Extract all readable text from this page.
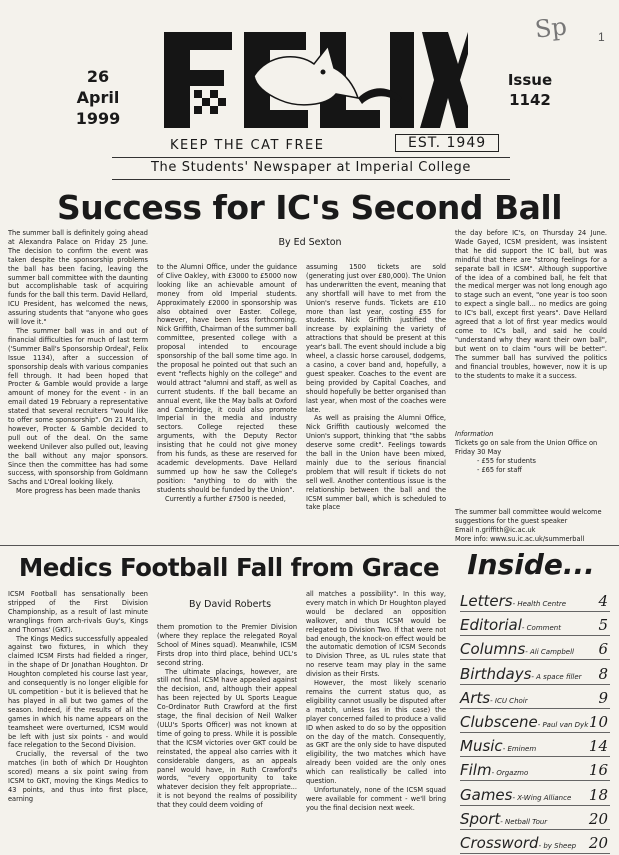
Sp 1
26
April
1999
Issue
1142
KEEP THE CAT FREE	EST. 1949
The Students' Newspaper at Imperial College
Success for IC's Second Ball
By Ed Sexton

The summer ball is definitely going ahead at Alexandra Palace on Friday 25 June. The decision to confirm the event was taken despite the sponsorship problems the ball has been facing, leaving the summer ball committee with the daunting but accomplishable task of acquiring funds for the ball this term. David Hellard, ICU President, has welcomed the news, assuring students that "anyone who goes will love it."

The summer ball was in and out of financial difficulties for much of last term ('Summer Ball's Sponsorship Ordeal', Felix Issue 1134), after a succession of sponsorship deals with various companies fell through. It had been hoped that Procter & Gamble would provide a large amount of money for the event - in an email dated 19 February a representative stated that several recruiters "would like to offer some sponsorship". On 21 March, however, Procter & Gamble decided to pull out of the deal. On the same weekend Unilever also pulled out, leaving the ball without any major sponsors. Since then the committee has had some success, with sponsorship from Goldmann Sachs and L'Oreal looking likely.

More progress has been made thanks

to the Alumni Office, under the guidance of Clive Oakley, with £3000 to £5000 now looking like an achievable amount of money from old Imperial students. Approximately £2000 in sponsorship was also obtained over Easter. College, however, have been less forthcoming. Nick Griffith, Chairman of the summer ball committee, presented college with a proposal intended to encourage sponsorship of the ball some time ago. In the proposal he pointed out that such an event "reflects highly on the college" and would attract "alumni and staff, as well as current students. If the ball became an annual event, like the May balls at Oxford and Cambridge, it could also promote Imperial in the media and industry sectors. College rejected these arguments, with the Deputy Rector insisting that he could not give money from his funds, as these are reserved for academic developments. Dave Hellard summed up how he saw the College's position: "anything to do with the students should be funded by the Union".

Currently a further £7500 is needed,

assuming 1500 tickets are sold (generating just over £80,000). The Union has underwritten the event, meaning that any shortfall will have to met from the Union's reserve funds. Tickets are £10 more than last year, costing £55 for students. Nick Griffith justified the increase by explaining the variety of attractions that should be present at this year's ball. The event should include a big wheel, a classic horse carousel, dodgems, a casino, a cover band and, hopefully, a guest speaker. Coaches to the event are being provided by Capital Coaches, and should hopefully be better organised than last year, when most of the coaches were late.

As well as praising the Alumni Office, Nick Griffith cautiously welcomed the Union's support, thinking that "the sabbs deserve some credit". Feelings towards the ball in the Union have been mixed, mainly due to the serious financial problem that will result if tickets do not sell well. Another contentious issue is the relationship between the ball and the ICSM summer ball, which is scheduled to take place

the day before IC's, on Thursday 24 June. Wade Gayed, ICSM president, was insistent that he did support the IC ball, but was mindful that there are "strong feelings for a separate ball in ICSM". Although supportive of the idea of a combined ball, he felt that the medical merger was not long enough ago to stage such an event, "one year is too soon to expect a single ball... no medics are going to IC's ball, except first years". Dave Hellard agreed that a lot of first year medics would come to IC's ball, and said he could "understand why they want their own ball", but went on to claim "ours will be better". The summer ball has survived the politics and financial troubles, however, now it is up to the students to make it a success.

Information
Tickets go on sale from the Union Office on Friday 30 May
- £55 for students
- £65 for staff
The summer ball committee would welcome suggestions for the guest speaker
Email n.griffith@ic.ac.uk
More info: www.su.ic.ac.uk/summerball
Medics Football Fall from Grace
By David Roberts

ICSM Football has sensationally been stripped of the First Division Championship, as a result of last minute wranglings from arch-rivals Guy's, Kings and Thomas' (GKT).

The Kings Medics successfully appealed against two fixtures, in which they claimed ICSM Firsts had fielded a ringer, in the shape of Dr Jonathan Houghton. Dr Houghton completed his course last year, and consequently is no longer eligible for UL competition - but it is believed that he has played in all but two games of the season. Indeed, if the results of all the games in which his name appears on the teamsheet were overturned, ICSM would be left with just six points - and would face relegation to the Second Division.

Crucially, the reversal of the two matches (in both of which Dr Houghton scored) means a six point swing from ICSM to GKT, moving the Kings Medics to 43 points, and thus into first place, earning

them promotion to the Premier Division (where they replace the relegated Royal School of Mines squad). Meanwhile, ICSM Firsts drop into third place, behind UCL's second string.

The ultimate placings, however, are still not final. ICSM have appealed against the decision, and, although their appeal has been rejected by UL Sports League Co-Ordinator Ruth Crawford at the first stage, the final decision of Neil Walker (ULU's Sports Officer) was not known at time of going to press. While it is possible that the ICSM victories over GKT could be reinstated, the appeal also carries with it considerable dangers, as an appeals panel would have, in Ruth Crawford's words, "every opportunity to take whatever decision they felt appropriate... it is not beyond the realms of possibility that they could deem voiding of

all matches a possibility". In this way, every match in which Dr Houghton played would be declared an opposition walkover, and thus ICSM would be relegated to Division Two. If that were not bad enough, the knock-on effect would be the automatic demotion of ICSM Seconds to Division Three, as UL rules state that no reserve team may play in the same division as their Firsts.

However, the most likely scenario remains the current status quo, as eligibility cannot usually be disputed after a match, unless (as in this case) the player concerned failed to produce a valid ID when asked to do so by the opposition on the day of the match. Consequently, as GKT are the only side to have disputed eligibility, the two matches which have already been voided are the only ones which can realistically be called into question.

Unfortunately, none of the ICSM squad were available for comment - we'll bring you the final decision next week.

Inside...
Letters- Health Centre 4
Editorial- Comment 5
Columns- Ali Campbell 6
Birthdays- A space filler 8
Arts- ICU Choir	9
Clubscene- Paul van Dyk 10
Music- Eminem	14
Film- Orgazmo	16
Games- X-Wing Alliance 18
Sport- Netball Tour	20
Crossword- by Sheep 20
